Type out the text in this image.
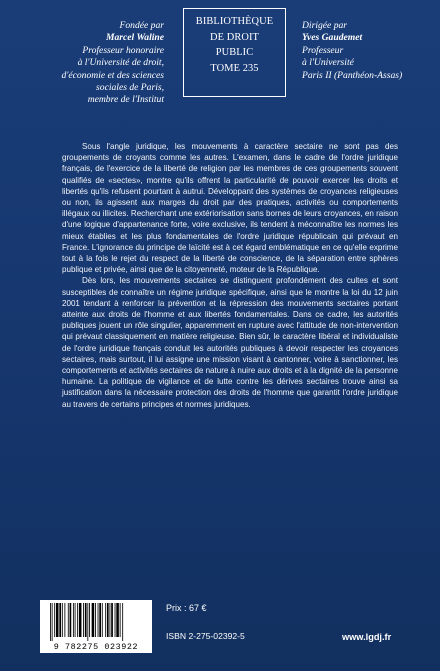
Fondée par
Marcel Waline
Professeur honoraire
à l'Université de droit,
d'économie et des sciences
sociales de Paris,
membre de l'Institut
BIBLIOTHÈQUE
DE DROIT
PUBLIC
TOME 235
Dirigée par
Yves Gaudemet
Professeur
à l'Université
Paris II (Panthéon-Assas)

Sous l'angle juridique, les mouvements à caractère sectaire ne sont pas des groupements de croyants comme les autres. L'examen, dans le cadre de l'ordre juridique français, de l'exercice de la liberté de religion par les membres de ces groupements souvent qualifiés de «sectes», montre qu'ils offrent la particularité de pouvoir exercer les droits et libertés qu'ils refusent pourtant à autrui. Développant des systèmes de croyances religieuses ou non, ils agissent aux marges du droit par des pratiques, activités ou comportements illégaux ou illicites. Recherchant une extériorisation sans bornes de leurs croyances, en raison d'une logique d'appartenance forte, voire exclusive, ils tendent à méconnaître les normes les mieux établies et les plus fondamentales de l'ordre juridique républicain qui prévaut en France. L'ignorance du principe de laïcité est à cet égard emblématique en ce qu'elle exprime tout à la fois le rejet du respect de la liberté de conscience, de la séparation entre sphères publique et privée, ainsi que de la citoyenneté, moteur de la République.

Dès lors, les mouvements sectaires se distinguent profondément des cultes et sont susceptibles de connaître un régime juridique spécifique, ainsi que le montre la loi du 12 juin 2001 tendant à renforcer la prévention et la répression des mouvements sectaires portant atteinte aux droits de l'homme et aux libertés fondamentales. Dans ce cadre, les autorités publiques jouent un rôle singulier, apparemment en rupture avec l'attitude de non-intervention qui prévaut classiquement en matière religieuse. Bien sûr, le caractère libéral et individualiste de l'ordre juridique français conduit les autorités publiques à devoir respecter les croyances sectaires, mais surtout, il lui assigne une mission visant à cantonner, voire à sanctionner, les comportements et activités sectaires de nature à nuire aux droits et à la dignité de la personne humaine. La politique de vigilance et de lutte contre les dérives sectaires trouve ainsi sa justification dans la nécessaire protection des droits de l'homme que garantit l'ordre juridique au travers de certains principes et normes juridiques.

9 782275 023922
Prix : 67 €
ISBN 2-275-02392-5	www.lgdj.fr
